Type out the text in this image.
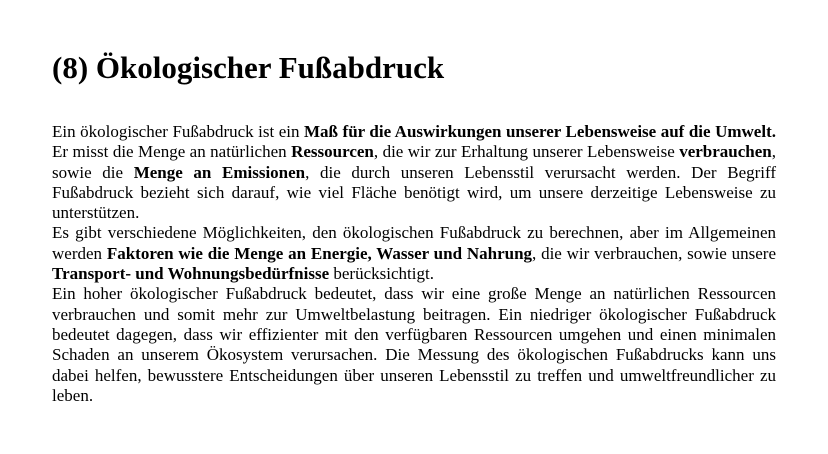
(8) Ökologischer Fußabdruck

Ein ökologischer Fußabdruck ist ein Maß für die Auswirkungen unserer Lebensweise auf die Umwelt. Er misst die Menge an natürlichen Ressourcen, die wir zur Erhaltung unserer Lebensweise verbrauchen, sowie die Menge an Emissionen, die durch unseren Lebensstil verursacht werden. Der Begriff Fußabdruck bezieht sich darauf, wie viel Fläche benötigt wird, um unsere derzeitige Lebensweise zu unterstützen.

Es gibt verschiedene Möglichkeiten, den ökologischen Fußabdruck zu berechnen, aber im Allgemeinen werden Faktoren wie die Menge an Energie, Wasser und Nahrung, die wir verbrauchen, sowie unsere Transport- und Wohnungsbedürfnisse berücksichtigt.

Ein hoher ökologischer Fußabdruck bedeutet, dass wir eine große Menge an natürlichen Ressourcen verbrauchen und somit mehr zur Umweltbelastung beitragen. Ein niedriger ökologischer Fußabdruck bedeutet dagegen, dass wir effizienter mit den verfügbaren Ressourcen umgehen und einen minimalen Schaden an unserem Ökosystem verursachen. Die Messung des ökologischen Fußabdrucks kann uns dabei helfen, bewusstere Entscheidungen über unseren Lebensstil zu treffen und umweltfreundlicher zu leben.
